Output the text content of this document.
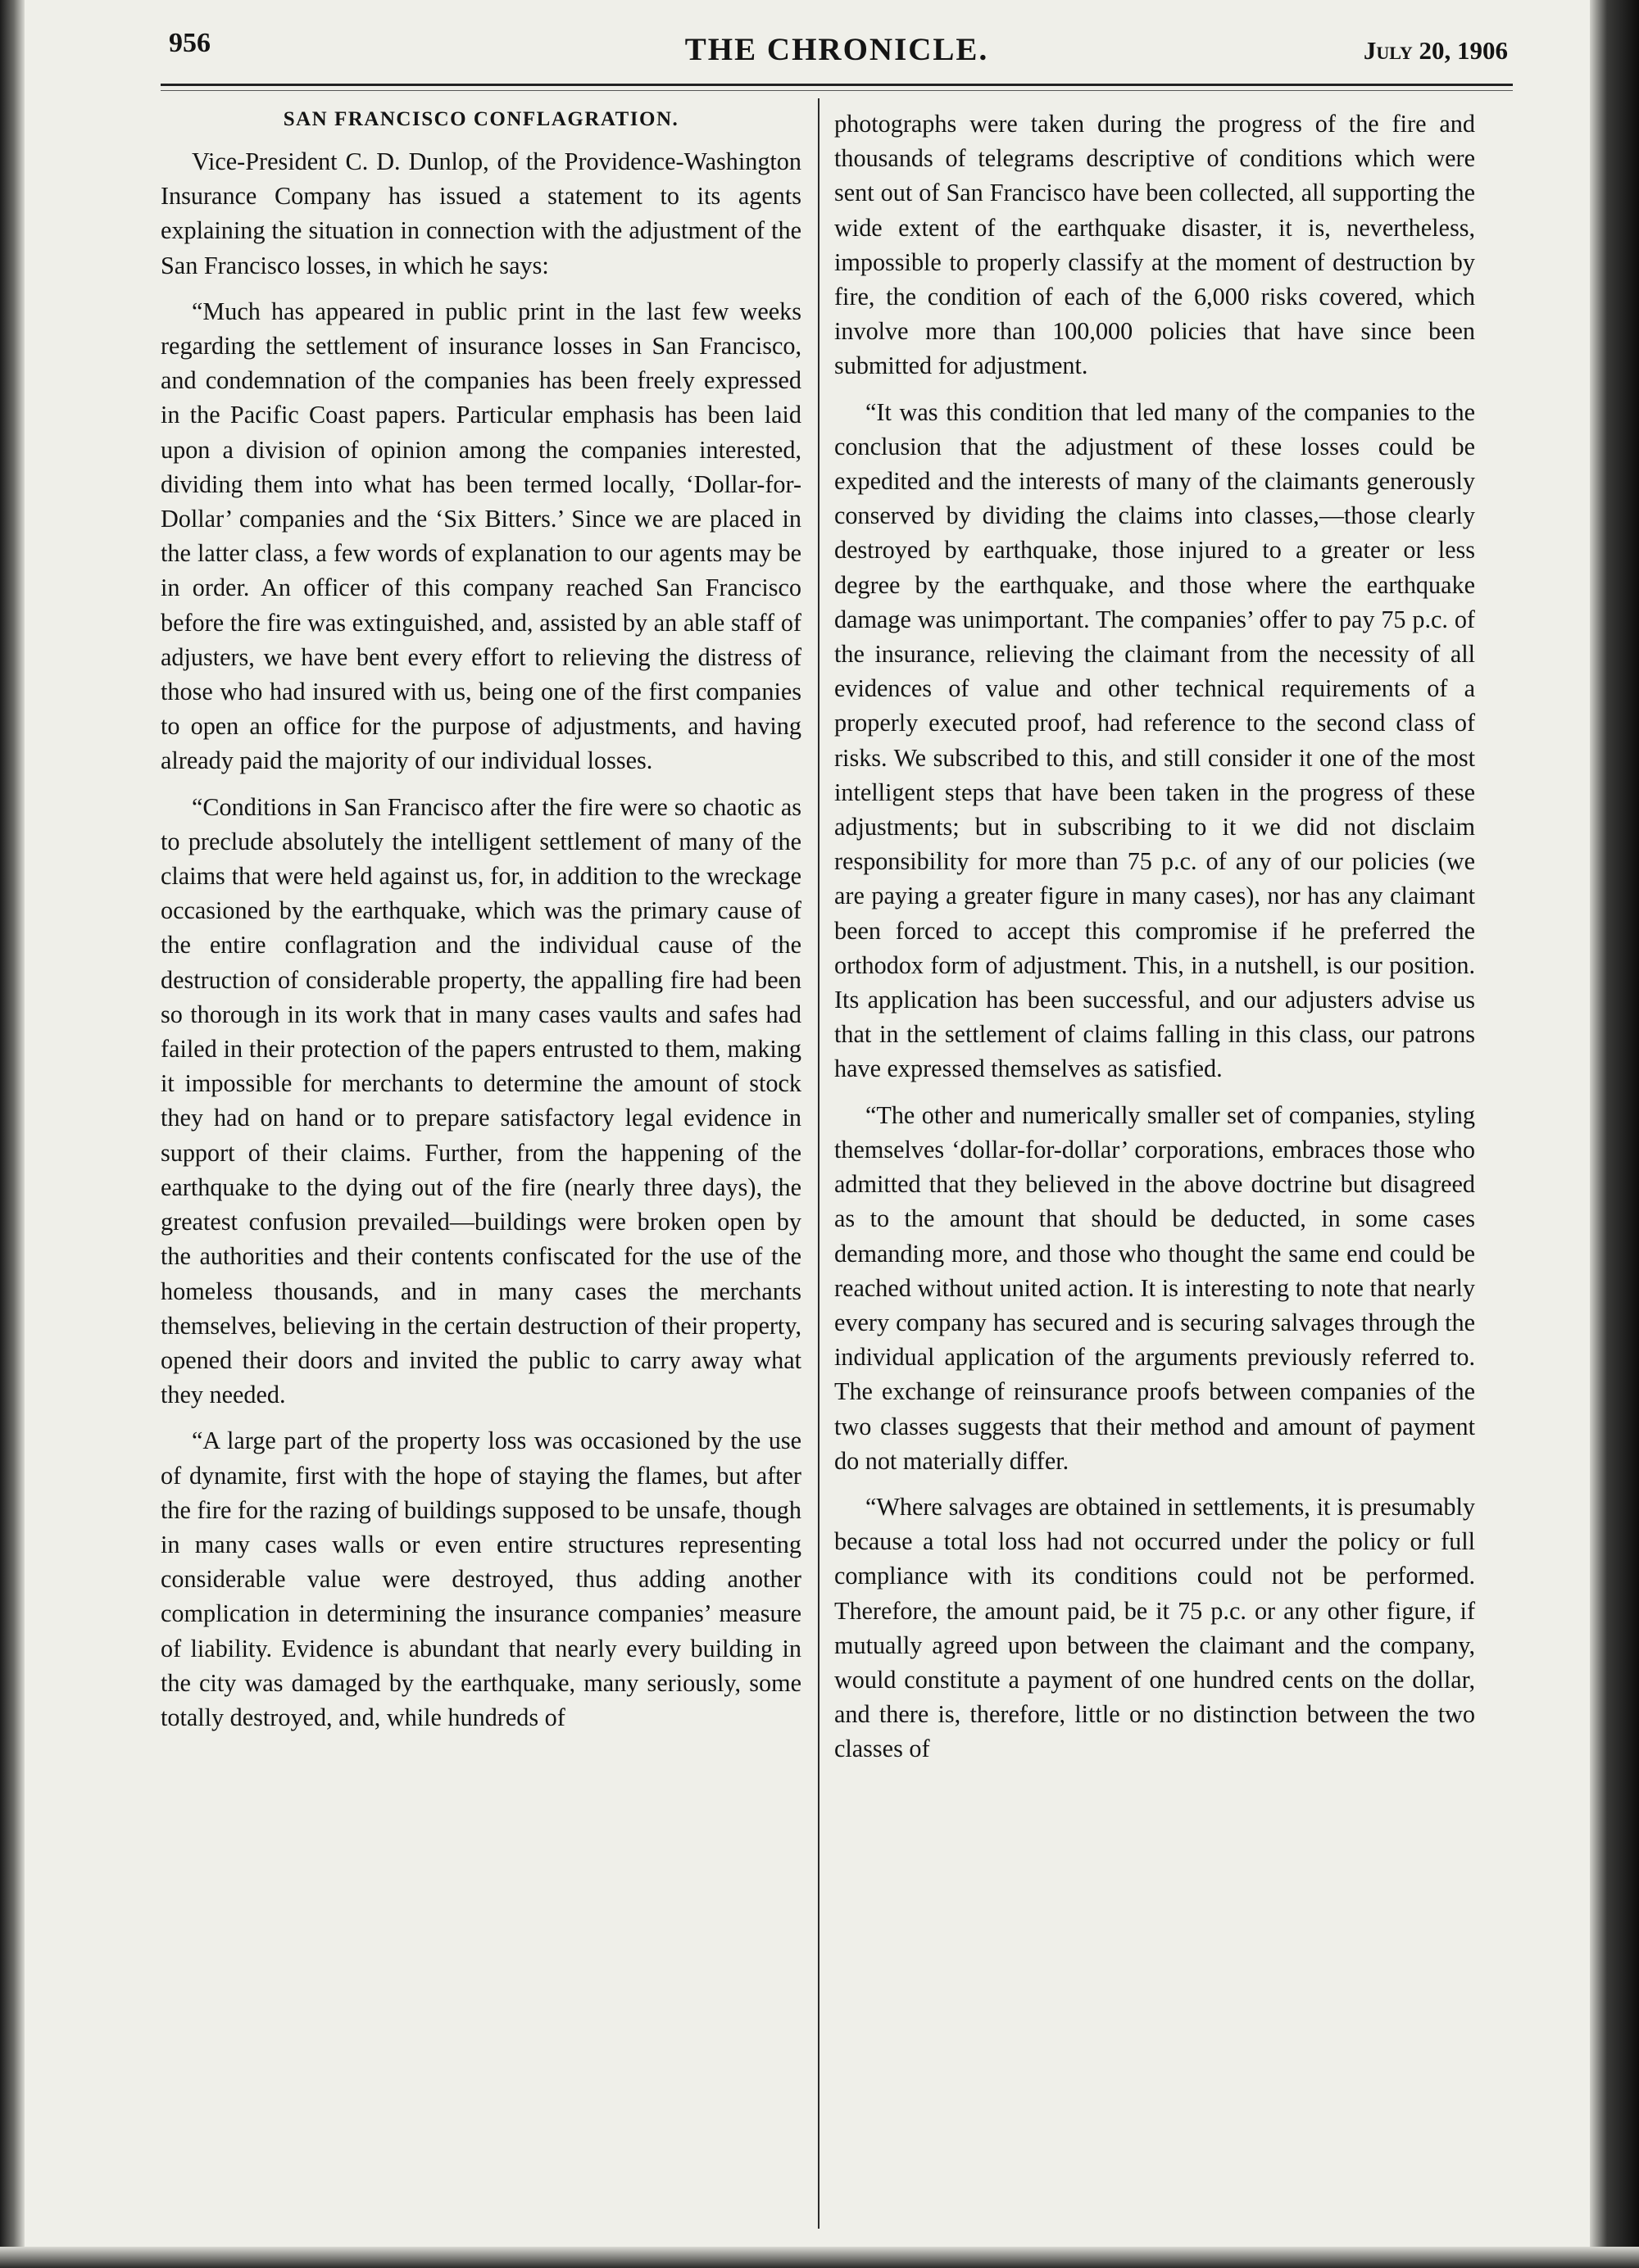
956	THE CHRONICLE.	July 20, 1906
SAN FRANCISCO CONFLAGRATION.

Vice-President C. D. Dunlop, of the Providence-Washington Insurance Company has issued a statement to its agents explaining the situation in connection with the adjustment of the San Francisco losses, in which he says:

“Much has appeared in public print in the last few weeks regarding the settlement of insurance losses in San Francisco, and condemnation of the companies has been freely expressed in the Pacific Coast papers. Particular emphasis has been laid upon a division of opinion among the companies interested, dividing them into what has been termed locally, ‘Dollar-for-Dollar’ companies and the ‘Six Bitters.’ Since we are placed in the latter class, a few words of explanation to our agents may be in order. An officer of this company reached San Francisco before the fire was extinguished, and, assisted by an able staff of adjusters, we have bent every effort to relieving the distress of those who had insured with us, being one of the first companies to open an office for the purpose of adjustments, and having already paid the majority of our individual losses.

“Conditions in San Francisco after the fire were so chaotic as to preclude absolutely the intelligent settlement of many of the claims that were held against us, for, in addition to the wreckage occasioned by the earthquake, which was the primary cause of the entire conflagration and the individual cause of the destruction of considerable property, the appalling fire had been so thorough in its work that in many cases vaults and safes had failed in their protection of the papers entrusted to them, making it impossible for merchants to determine the amount of stock they had on hand or to prepare satisfactory legal evidence in support of their claims. Further, from the happening of the earthquake to the dying out of the fire (nearly three days), the greatest confusion prevailed—buildings were broken open by the authorities and their contents confiscated for the use of the homeless thousands, and in many cases the merchants themselves, believing in the certain destruction of their property, opened their doors and invited the public to carry away what they needed.

“A large part of the property loss was occasioned by the use of dynamite, first with the hope of staying the flames, but after the fire for the razing of buildings supposed to be unsafe, though in many cases walls or even entire structures representing considerable value were destroyed, thus adding another complication in determining the insurance companies’ measure of liability. Evidence is abundant that nearly every building in the city was damaged by the earthquake, many seriously, some totally destroyed, and, while hundreds of

photographs were taken during the progress of the fire and thousands of telegrams descriptive of conditions which were sent out of San Francisco have been collected, all supporting the wide extent of the earthquake disaster, it is, nevertheless, impossible to properly classify at the moment of destruction by fire, the condition of each of the 6,000 risks covered, which involve more than 100,000 policies that have since been submitted for adjustment.

“It was this condition that led many of the companies to the conclusion that the adjustment of these losses could be expedited and the interests of many of the claimants generously conserved by dividing the claims into classes,—those clearly destroyed by earthquake, those injured to a greater or less degree by the earthquake, and those where the earthquake damage was unimportant. The companies’ offer to pay 75 p.c. of the insurance, relieving the claimant from the necessity of all evidences of value and other technical requirements of a properly executed proof, had reference to the second class of risks. We subscribed to this, and still consider it one of the most intelligent steps that have been taken in the progress of these adjustments; but in subscribing to it we did not disclaim responsibility for more than 75 p.c. of any of our policies (we are paying a greater figure in many cases), nor has any claimant been forced to accept this compromise if he preferred the orthodox form of adjustment. This, in a nutshell, is our position. Its application has been successful, and our adjusters advise us that in the settlement of claims falling in this class, our patrons have expressed themselves as satisfied.

“The other and numerically smaller set of companies, styling themselves ‘dollar-for-dollar’ corporations, embraces those who admitted that they believed in the above doctrine but disagreed as to the amount that should be deducted, in some cases demanding more, and those who thought the same end could be reached without united action. It is interesting to note that nearly every company has secured and is securing salvages through the individual application of the arguments previously referred to. The exchange of reinsurance proofs between companies of the two classes suggests that their method and amount of payment do not materially differ.

“Where salvages are obtained in settlements, it is presumably because a total loss had not occurred under the policy or full compliance with its conditions could not be performed. Therefore, the amount paid, be it 75 p.c. or any other figure, if mutually agreed upon between the claimant and the company, would constitute a payment of one hundred cents on the dollar, and there is, therefore, little or no distinction between the two classes of
